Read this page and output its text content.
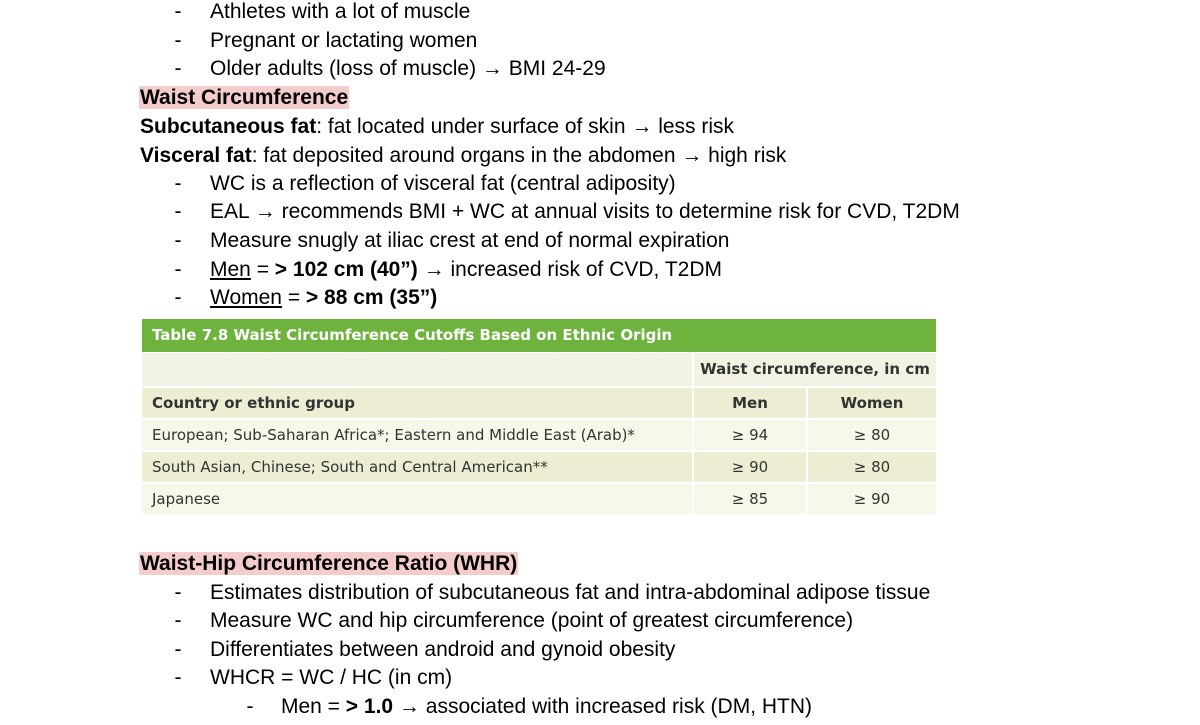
-	Athletes with a lot of muscle
-	Pregnant or lactating women
-	Older adults (loss of muscle) → BMI 24-29
Waist Circumference
Subcutaneous fat: fat located under surface of skin → less risk
Visceral fat: fat deposited around organs in the abdomen → high risk
-	WC is a reflection of visceral fat (central adiposity)
-	EAL → recommends BMI + WC at annual visits to determine risk for CVD, T2DM
-	Measure snugly at iliac crest at end of normal expiration
-	Men = > 102 cm (40”) → increased risk of CVD, T2DM
-	Women = > 88 cm (35”)
Table 7.8 Waist Circumference Cutoffs Based on Ethnic Origin
Waist circumference, in cm
Country or ethnic group	Men	Women
European; Sub-Saharan Africa*; Eastern and Middle East (Arab)*	≥ 94	≥ 80
South Asian, Chinese; South and Central American**	≥ 90	≥ 80
Japanese	≥ 85	≥ 90
Waist-Hip Circumference Ratio (WHR)
-	Estimates distribution of subcutaneous fat and intra-abdominal adipose tissue
-	Measure WC and hip circumference (point of greatest circumference)
-	Differentiates between android and gynoid obesity
-	WHCR = WC / HC (in cm)
-	Men = > 1.0 → associated with increased risk (DM, HTN)
